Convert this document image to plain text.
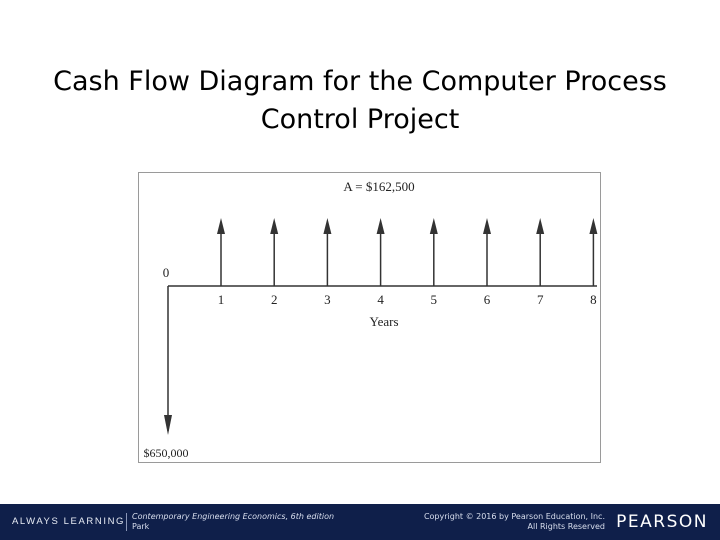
Cash Flow Diagram for the Computer Process
Control Project
A = $162,500
0
$650,000
1	2	3	4	5	6	7	8
Years
ALWAYS LEARNING Contemporary Engineering Economics, 6th edition
Park
Copyright © 2016 by Pearson Education, Inc.
All Rights Reserved PEARSON
